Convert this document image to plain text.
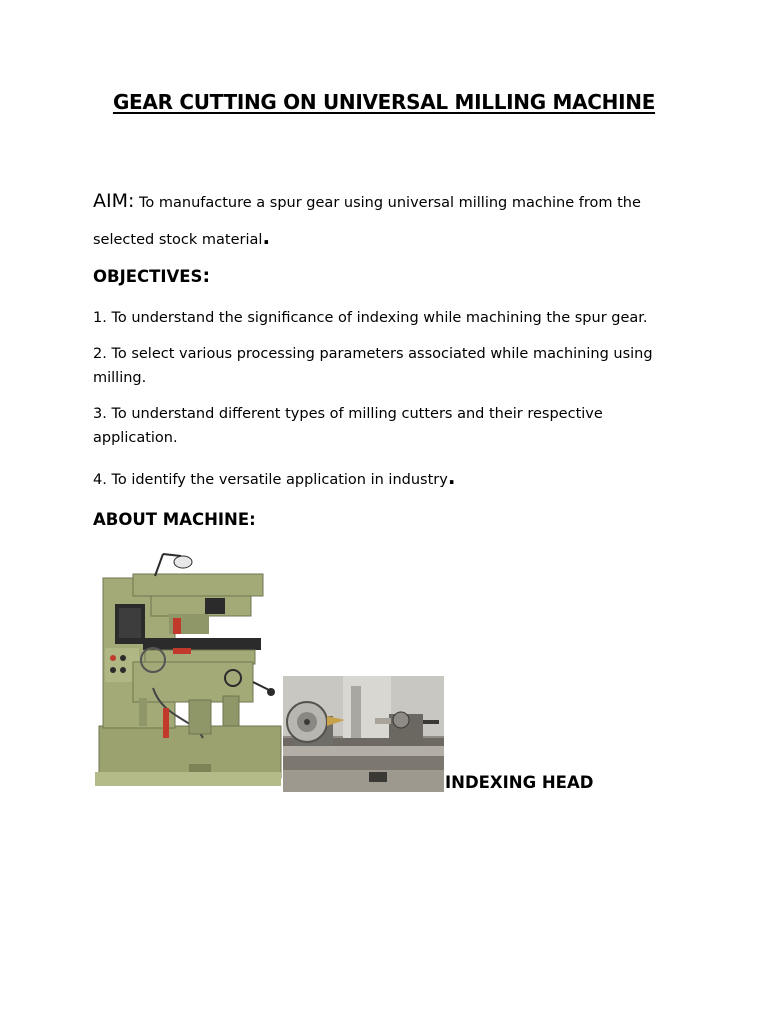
GEAR CUTTING ON UNIVERSAL MILLING MACHINE
AIM: To manufacture a spur gear using universal milling machine from the selected stock material.
OBJECTIVES:
1. To understand the significance of indexing while machining the spur gear.
2. To select various processing parameters associated while machining using milling.
3. To understand different types of milling cutters and their respective application.
4. To identify the versatile application in industry.
ABOUT MACHINE:
INDEXING HEAD
